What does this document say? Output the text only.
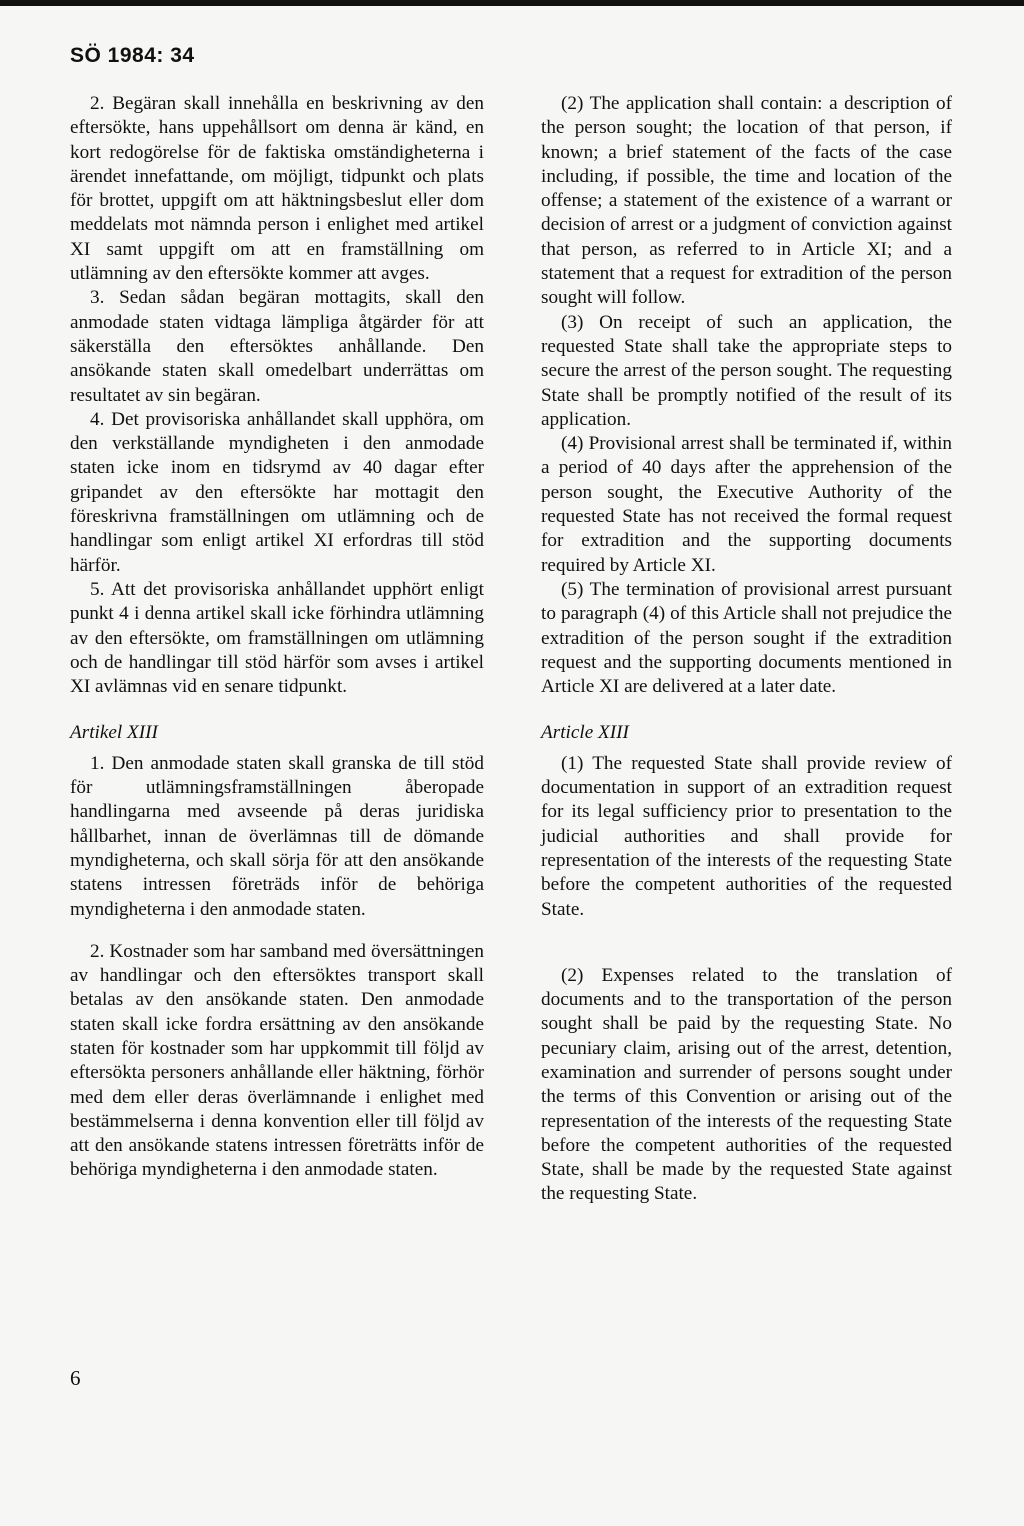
SÖ 1984: 34

2. Begäran skall innehålla en beskrivning av den eftersökte, hans uppehållsort om denna är känd, en kort redogörelse för de faktiska omständigheterna i ärendet innefattande, om möjligt, tidpunkt och plats för brottet, uppgift om att häktningsbeslut eller dom meddelats mot nämnda person i enlighet med artikel XI samt uppgift om att en framställning om utlämning av den eftersökte kommer att avges.

3. Sedan sådan begäran mottagits, skall den anmodade staten vidtaga lämpliga åtgärder för att säkerställa den eftersöktes anhållande. Den ansökande staten skall omedelbart underrättas om resultatet av sin begäran.

4. Det provisoriska anhållandet skall upphöra, om den verkställande myndigheten i den anmodade staten icke inom en tidsrymd av 40 dagar efter gripandet av den eftersökte har mottagit den föreskrivna framställningen om utlämning och de handlingar som enligt artikel XI erfordras till stöd härför.

5. Att det provisoriska anhållandet upphört enligt punkt 4 i denna artikel skall icke förhindra utlämning av den eftersökte, om framställningen om utlämning och de handlingar till stöd härför som avses i artikel XI avlämnas vid en senare tidpunkt.

Artikel XIII

1. Den anmodade staten skall granska de till stöd för utlämningsframställningen åberopade handlingarna med avseende på deras juridiska hållbarhet, innan de överlämnas till de dömande myndigheterna, och skall sörja för att den ansökande statens intressen företräds inför de behöriga myndigheterna i den anmodade staten.

2. Kostnader som har samband med översättningen av handlingar och den eftersöktes transport skall betalas av den ansökande staten. Den anmodade staten skall icke fordra ersättning av den ansökande staten för kostnader som har uppkommit till följd av eftersökta personers anhållande eller häktning, förhör med dem eller deras överlämnande i enlighet med bestämmelserna i denna konvention eller till följd av att den ansökande statens intressen företrätts inför de behöriga myndigheterna i den anmodade staten.

(2) The application shall contain: a description of the person sought; the location of that person, if known; a brief statement of the facts of the case including, if possible, the time and location of the offense; a statement of the existence of a warrant or decision of arrest or a judgment of conviction against that person, as referred to in Article XI; and a statement that a request for extradition of the person sought will follow.

(3) On receipt of such an application, the requested State shall take the appropriate steps to secure the arrest of the person sought. The requesting State shall be promptly notified of the result of its application.

(4) Provisional arrest shall be terminated if, within a period of 40 days after the apprehension of the person sought, the Executive Authority of the requested State has not received the formal request for extradition and the supporting documents required by Article XI.

(5) The termination of provisional arrest pursuant to paragraph (4) of this Article shall not prejudice the extradition of the person sought if the extradition request and the supporting documents mentioned in Article XI are delivered at a later date.

Article XIII

(1) The requested State shall provide review of documentation in support of an extradition request for its legal sufficiency prior to presentation to the judicial authorities and shall provide for representation of the interests of the requesting State before the competent authorities of the requested State.

(2) Expenses related to the translation of documents and to the transportation of the person sought shall be paid by the requesting State. No pecuniary claim, arising out of the arrest, detention, examination and surrender of persons sought under the terms of this Convention or arising out of the representation of the interests of the requesting State before the competent authorities of the requested State, shall be made by the requested State against the requesting State.

6
